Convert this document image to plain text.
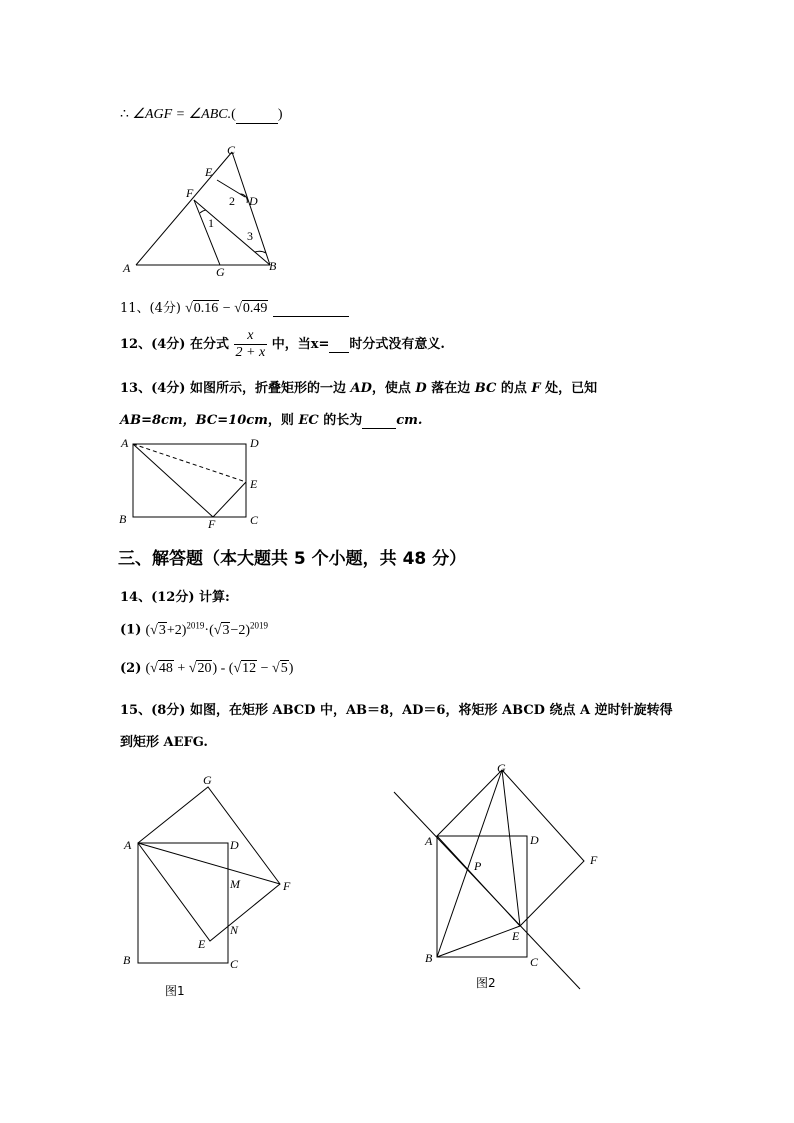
∴ ∠AGF = ∠ABC.(	)
C
E
F
D
A	G	B
1
2
3
11、(4分) √0.16 − √0.49
12、(4分) 在分式 $\frac{x}{2 + x}$ 中，当x= 时分式没有意义.
13、(4分) 如图所示，折叠矩形的一边 AD，使点 D 落在边 BC 的点 F 处，已知
AB=8cm，BC=10cm，则 EC 的长为	cm.
A	D
E
B	F	C
三、解答题（本大题共 5 个小题，共 48 分）
14、(12分) 计算:
(1) $(√3+2)^{2019}\cdot(√3-2)^{2019}$
(2) (√48 + √20) - (√12 − √5)
15、(8分) 如图，在矩形 ABCD 中，AB＝8，AD＝6，将矩形 ABCD 绕点 A 逆时针旋转得
到矩形 AEFG.
G
A	D
M	F
N
E
B	C
图1
G
A	D
F
P
E
B	C
图2
